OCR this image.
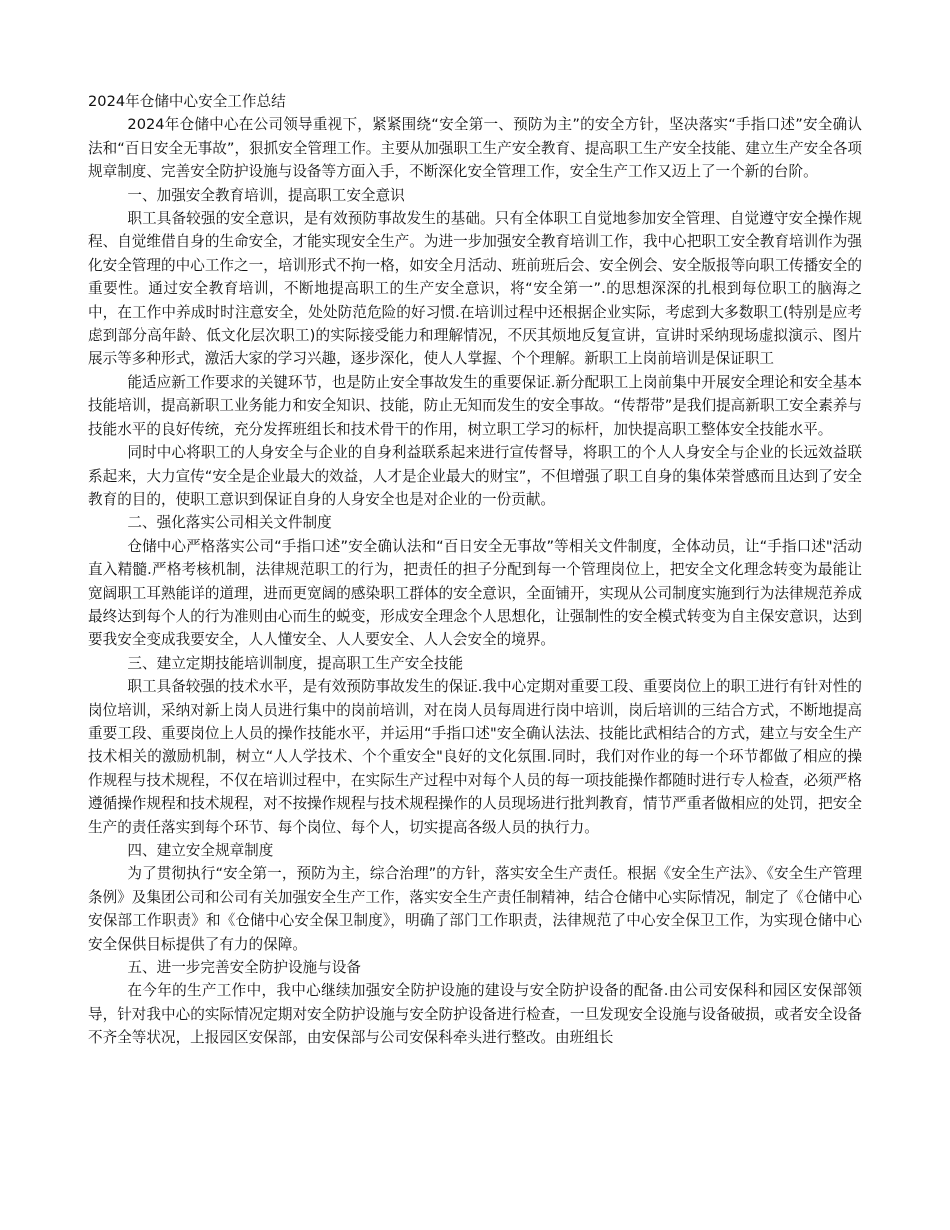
2024年仓储中心安全工作总结

2024年仓储中心在公司领导重视下，紧紧围绕“安全第一、预防为主”的安全方针，坚决落实“手指口述”安全确认法和“百日安全无事故”，狠抓安全管理工作。主要从加强职工生产安全教育、提高职工生产安全技能、建立生产安全各项规章制度、完善安全防护设施与设备等方面入手，不断深化安全管理工作，安全生产工作又迈上了一个新的台阶。

一、加强安全教育培训，提高职工安全意识

职工具备较强的安全意识，是有效预防事故发生的基础。只有全体职工自觉地参加安全管理、自觉遵守安全操作规程、自觉维借自身的生命安全，才能实现安全生产。为进一步加强安全教育培训工作，我中心把职工安全教育培训作为强化安全管理的中心工作之一，培训形式不拘一格，如安全月活动、班前班后会、安全例会、安全版报等向职工传播安全的重要性。通过安全教育培训，不断地提高职工的生产安全意识，将“安全第一”.的思想深深的扎根到每位职工的脑海之中，在工作中养成时时注意安全，处处防范危险的好习惯.在培训过程中还根据企业实际，考虑到大多数职工(特别是应考虑到部分高年龄、低文化层次职工)的实际接受能力和理解情况，不厌其烦地反复宣讲，宣讲时采纳现场虚拟演示、图片展示等多种形式，激活大家的学习兴趣，逐步深化，使人人掌握、个个理解。新职工上岗前培训是保证职工

能适应新工作要求的关键环节，也是防止安全事故发生的重要保证.新分配职工上岗前集中开展安全理论和安全基本技能培训，提高新职工业务能力和安全知识、技能，防止无知而发生的安全事故。“传帮带”是我们提高新职工安全素养与技能水平的良好传统，充分发挥班组长和技术骨干的作用，树立职工学习的标杆，加快提高职工整体安全技能水平。

同时中心将职工的人身安全与企业的自身利益联系起来进行宣传督导，将职工的个人人身安全与企业的长远效益联系起来，大力宣传“安全是企业最大的效益，人才是企业最大的财宝”，不但增强了职工自身的集体荣誉感而且达到了安全教育的目的，使职工意识到保证自身的人身安全也是对企业的一份贡献。

二、强化落实公司相关文件制度

仓储中心严格落实公司“手指口述”安全确认法和“百日安全无事故”等相关文件制度，全体动员，让“手指口述"活动直入精髓.严格考核机制，法律规范职工的行为，把责任的担子分配到每一个管理岗位上，把安全文化理念转变为最能让宽阔职工耳熟能详的道理，进而更宽阔的感染职工群体的安全意识，全面铺开，实现从公司制度实施到行为法律规范养成最终达到每个人的行为准则由心而生的蜕变，形成安全理念个人思想化，让强制性的安全模式转变为自主保安意识，达到要我安全变成我要安全，人人懂安全、人人要安全、人人会安全的境界。

三、建立定期技能培训制度，提高职工生产安全技能

职工具备较强的技术水平，是有效预防事故发生的保证.我中心定期对重要工段、重要岗位上的职工进行有针对性的岗位培训，采纳对新上岗人员进行集中的岗前培训，对在岗人员每周进行岗中培训，岗后培训的三结合方式，不断地提高重要工段、重要岗位上人员的操作技能水平，并运用“手指口述"安全确认法法、技能比武相结合的方式，建立与安全生产技术相关的激励机制，树立“人人学技术、个个重安全"良好的文化氛围.同时，我们对作业的每一个环节都做了相应的操作规程与技术规程，不仅在培训过程中，在实际生产过程中对每个人员的每一项技能操作都随时进行专人检查，必须严格遵循操作规程和技术规程，对不按操作规程与技术规程操作的人员现场进行批判教育，情节严重者做相应的处罚，把安全生产的责任落实到每个环节、每个岗位、每个人，切实提高各级人员的执行力。

四、建立安全规章制度

为了贯彻执行“安全第一，预防为主，综合治理”的方针，落实安全生产责任。根据《安全生产法》、《安全生产管理条例》及集团公司和公司有关加强安全生产工作，落实安全生产责任制精神，结合仓储中心实际情况，制定了《仓储中心安保部工作职责》和《仓储中心安全保卫制度》，明确了部门工作职责，法律规范了中心安全保卫工作，为实现仓储中心安全保供目标提供了有力的保障。

五、进一步完善安全防护设施与设备

在今年的生产工作中，我中心继续加强安全防护设施的建设与安全防护设备的配备.由公司安保科和园区安保部领导，针对我中心的实际情况定期对安全防护设施与安全防护设备进行检查，一旦发现安全设施与设备破损，或者安全设备不齐全等状况，上报园区安保部，由安保部与公司安保科牵头进行整改。由班组长
